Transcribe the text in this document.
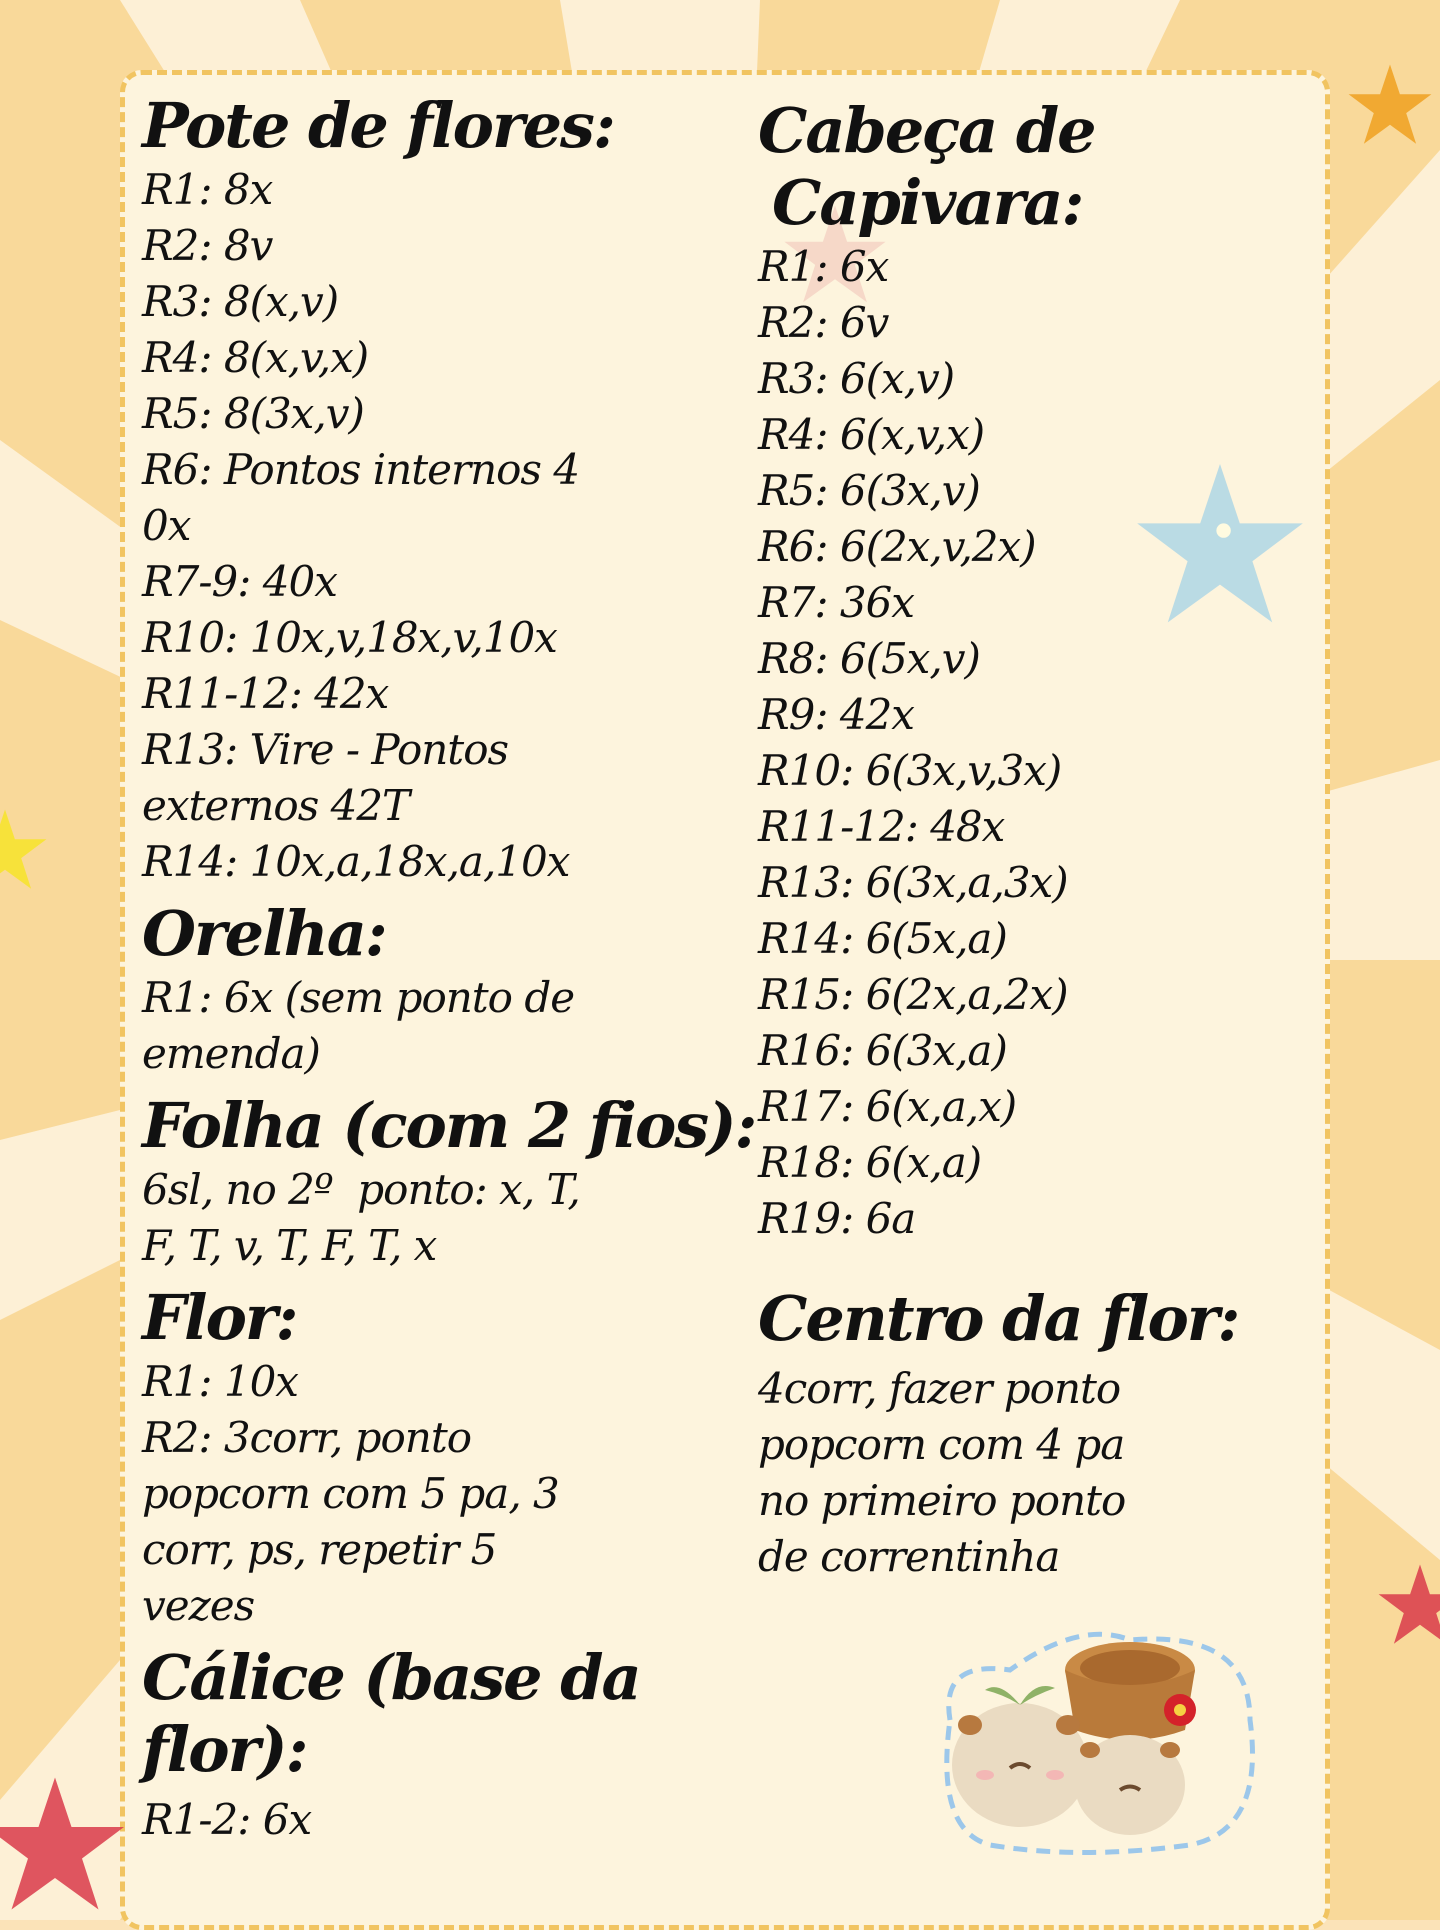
Pote de flores:

R1: 8x

R2: 8v

R3: 8(x,v)

R4: 8(x,v,x)

R5: 8(3x,v)

R6: Pontos internos 4

0x

R7-9: 40x

R10: 10x,v,18x,v,10x

R11-12: 42x

R13: Vire - Pontos

externos 42T

R14: 10x,a,18x,a,10x

Orelha:

R1: 6x (sem ponto de

emenda)

Folha (com 2 fios):

6sl, no 2º  ponto: x, T,

F, T, v, T, F, T, x

Flor:

R1: 10x

R2: 3corr, ponto

popcorn com 5 pa, 3

corr, ps, repetir 5

vezes

Cálice (base da flor):

R1-2: 6x

Cabeça de

Capivara:

R1: 6x

R2: 6v

R3: 6(x,v)

R4: 6(x,v,x)

R5: 6(3x,v)

R6: 6(2x,v,2x)

R7: 36x

R8: 6(5x,v)

R9: 42x

R10: 6(3x,v,3x)

R11-12: 48x

R13: 6(3x,a,3x)

R14: 6(5x,a)

R15: 6(2x,a,2x)

R16: 6(3x,a)

R17: 6(x,a,x)

R18: 6(x,a)

R19: 6a

Centro da flor:

4corr, fazer ponto

popcorn com 4 pa

no primeiro ponto

de correntinha
